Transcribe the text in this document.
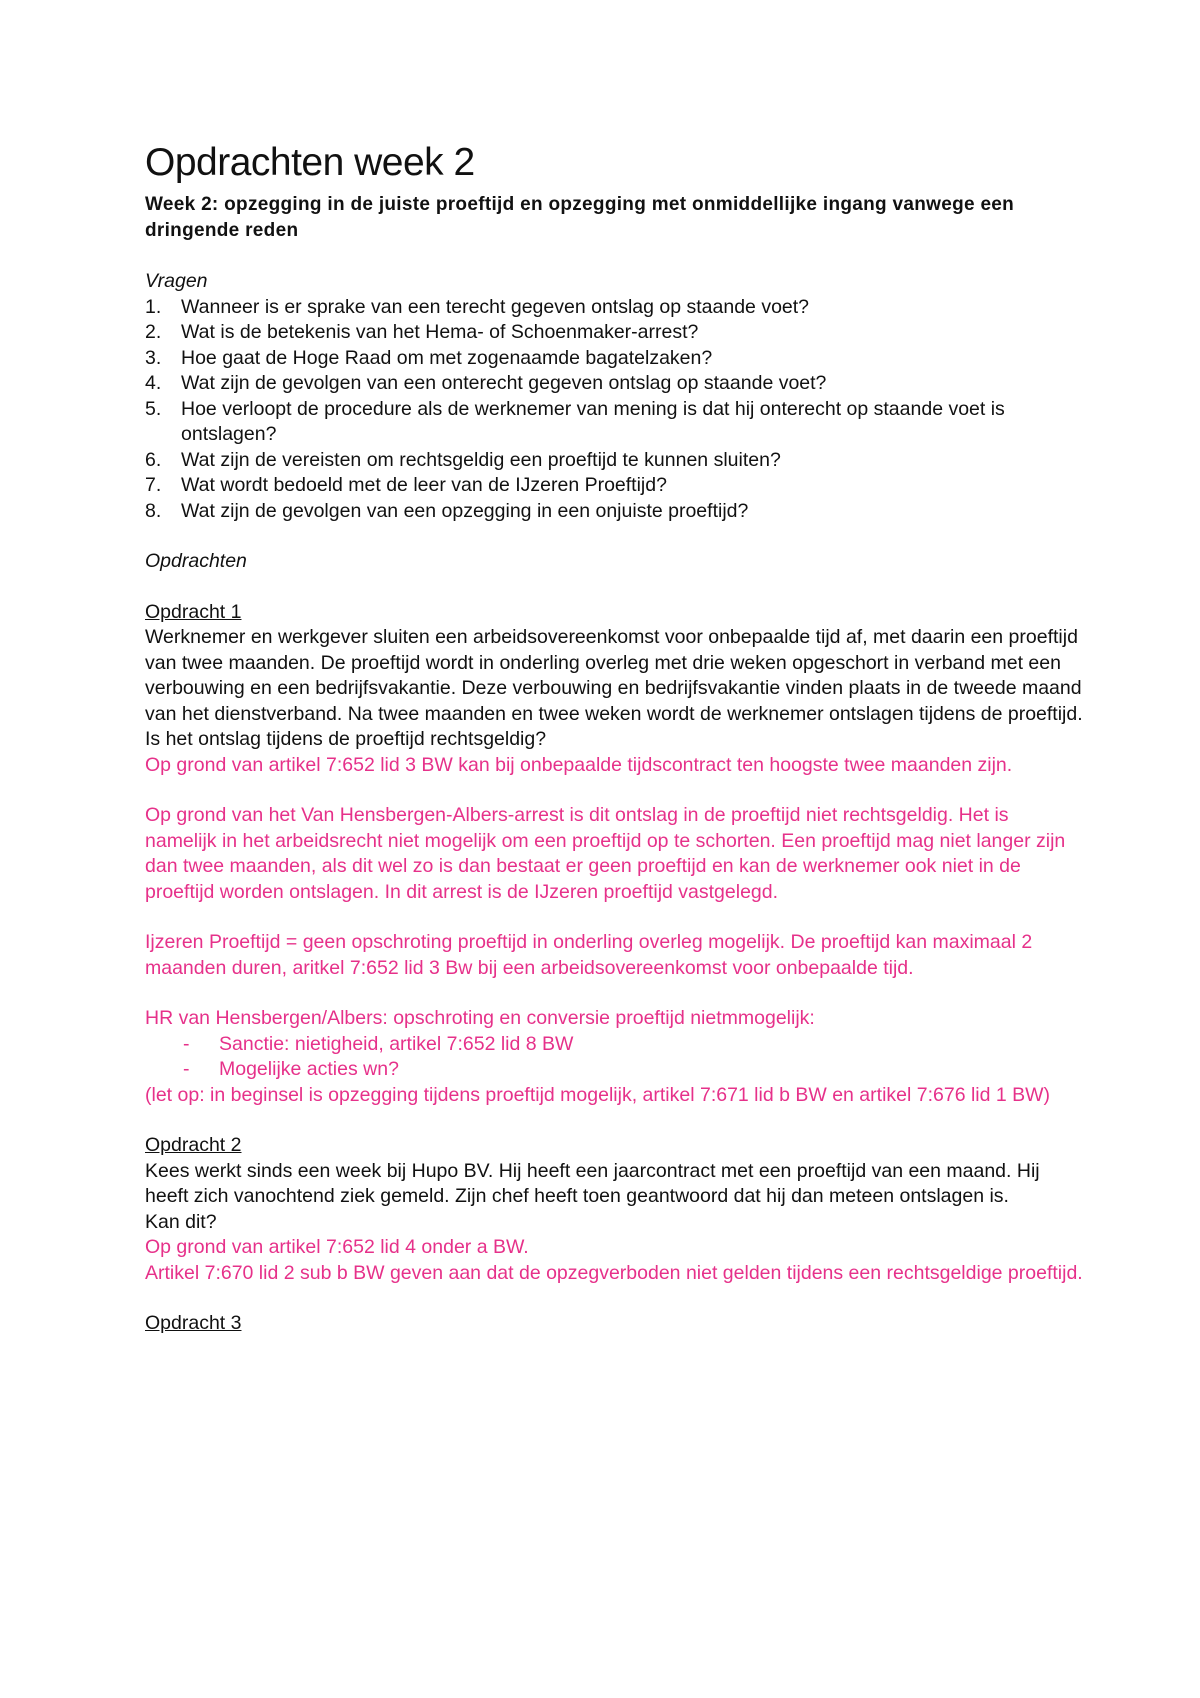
Opdrachten week 2

Week 2: opzegging in de juiste proeftijd en opzegging met onmiddellijke ingang vanwege een dringende reden

Vragen

1. Wanneer is er sprake van een terecht gegeven ontslag op staande voet?
2. Wat is de betekenis van het Hema- of Schoenmaker-arrest?
3. Hoe gaat de Hoge Raad om met zogenaamde bagatelzaken?
4. Wat zijn de gevolgen van een onterecht gegeven ontslag op staande voet?
5. Hoe verloopt de procedure als de werknemer van mening is dat hij onterecht op staande voet is ontslagen?
6. Wat zijn de vereisten om rechtsgeldig een proeftijd te kunnen sluiten?
7. Wat wordt bedoeld met de leer van de IJzeren Proeftijd?
8. Wat zijn de gevolgen van een opzegging in een onjuiste proeftijd?

Opdrachten

Opdracht 1

Werknemer en werkgever sluiten een arbeidsovereenkomst voor onbepaalde tijd af, met daarin een proeftijd van twee maanden. De proeftijd wordt in onderling overleg met drie weken opgeschort in verband met een verbouwing en een bedrijfsvakantie. Deze verbouwing en bedrijfsvakantie vinden plaats in de tweede maand van het dienstverband. Na twee maanden en twee weken wordt de werknemer ontslagen tijdens de proeftijd.

Is het ontslag tijdens de proeftijd rechtsgeldig?

Op grond van artikel 7:652 lid 3 BW kan bij onbepaalde tijdscontract ten hoogste twee maanden zijn.

Op grond van het Van Hensbergen-Albers-arrest is dit ontslag in de proeftijd niet rechtsgeldig. Het is namelijk in het arbeidsrecht niet mogelijk om een proeftijd op te schorten. Een proeftijd mag niet langer zijn dan twee maanden, als dit wel zo is dan bestaat er geen proeftijd en kan de werknemer ook niet in de proeftijd worden ontslagen. In dit arrest is de IJzeren proeftijd vastgelegd.

Ijzeren Proeftijd = geen opschroting proeftijd in onderling overleg mogelijk. De proeftijd kan maximaal 2 maanden duren, aritkel 7:652 lid 3 Bw bij een arbeidsovereenkomst voor onbepaalde tijd.

HR van Hensbergen/Albers: opschroting en conversie proeftijd nietmmogelijk:

- Sanctie: nietigheid, artikel 7:652 lid 8 BW
- Mogelijke acties wn?

(let op: in beginsel is opzegging tijdens proeftijd mogelijk, artikel 7:671 lid b BW en artikel 7:676 lid 1 BW)

Opdracht 2

Kees werkt sinds een week bij Hupo BV. Hij heeft een jaarcontract met een proeftijd van een maand. Hij heeft zich vanochtend ziek gemeld. Zijn chef heeft toen geantwoord dat hij dan meteen ontslagen is.

Kan dit?

Op grond van artikel 7:652 lid 4 onder a BW.

Artikel 7:670 lid 2 sub b BW geven aan dat de opzegverboden niet gelden tijdens een rechtsgeldige proeftijd.

Opdracht 3
